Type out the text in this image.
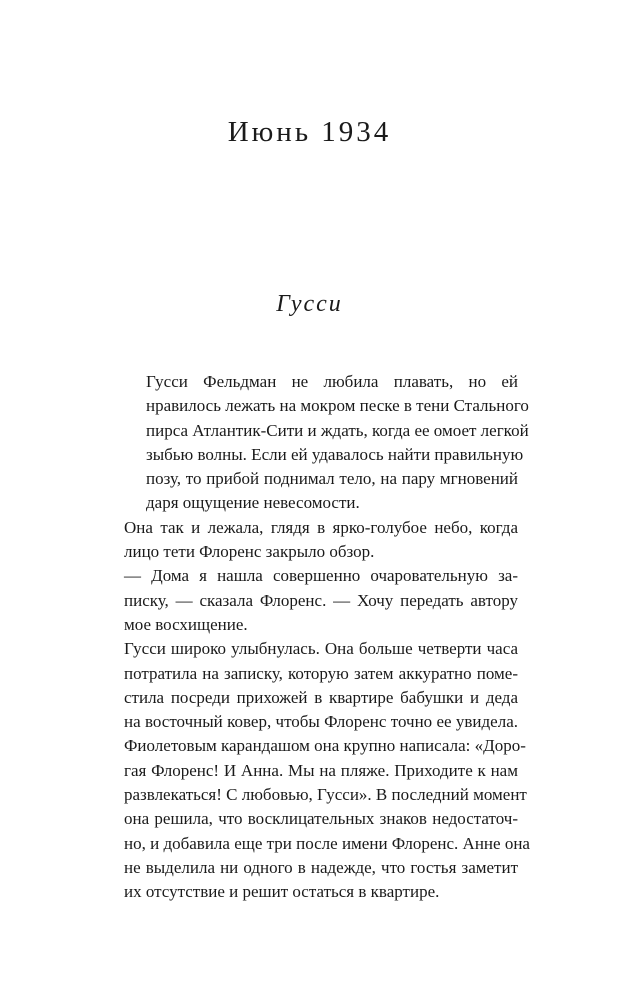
Июнь 1934
Гусси

Гусси Фельдман не любила плавать, но ей
нравилось лежать на мокром песке в тени Стального
пирса Атлантик-Сити и ждать, когда ее омоет легкой
зыбью волны. Если ей удавалось найти правильную
позу, то прибой поднимал тело, на пару мгновений
даря ощущение невесомости.

Она так и лежала, глядя в ярко-голубое небо, когда
лицо тети Флоренс закрыло обзор.

— Дома я нашла совершенно очаровательную за-
писку, — сказала Флоренс. — Хочу передать автору
мое восхищение.

Гусси широко улыбнулась. Она больше четверти часа
потратила на записку, которую затем аккуратно поме-
стила посреди прихожей в квартире бабушки и деда
на восточный ковер, чтобы Флоренс точно ее увидела.
Фиолетовым карандашом она крупно написала: «Доро-
гая Флоренс! И Анна. Мы на пляже. Приходите к нам
развлекаться! С любовью, Гусси». В последний момент
она решила, что восклицательных знаков недостаточ-
но, и добавила еще три после имени Флоренс. Анне она
не выделила ни одного в надежде, что гостья заметит
их отсутствие и решит остаться в квартире.
